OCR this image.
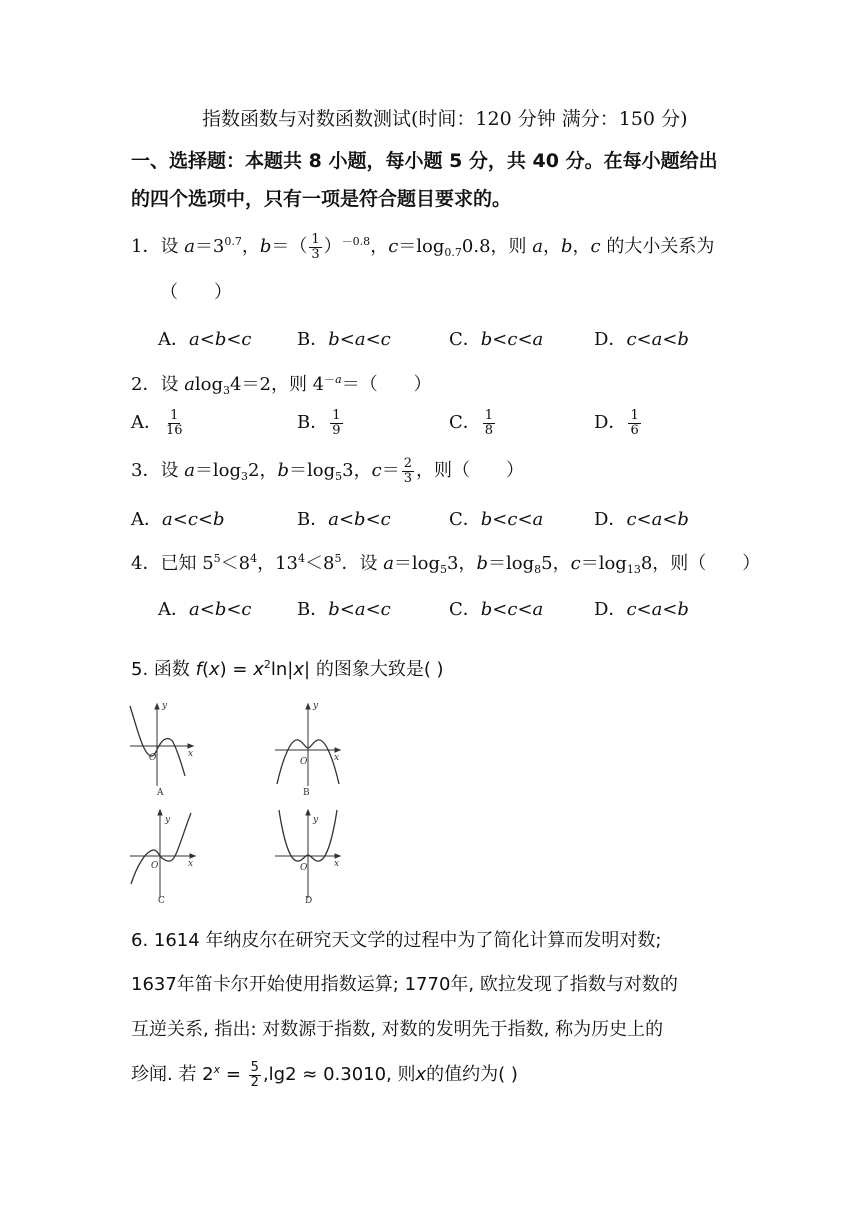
指数函数与对数函数测试(时间：120 分钟 满分：150 分)
一、选择题：本题共 8 小题，每小题 5 分，共 40 分。在每小题给出
的四个选项中，只有一项是符合题目要求的。
1．设 $a=3^{0.7}$，$b=( \frac{1}{3} )^{-0.8}$，$c=\log_{0.7}0.8$，则 a，b，c 的大小关系为
（　　）
A．a<b<c	B．b<a<c	C．b<c<a	D．c<a<b
2．设 alog$_3$4＝2，则 $4^{-a}=$（　　）
A． $\frac{1}{16}$	B． $\frac{1}{9}$	C． $\frac{1}{8}$	D． $\frac{1}{6}$
3．设 $a=\log_32$，$b=\log_53$，$c= \frac{2}{3}$ ，则（　　）
A．a<c<b	B．a<b<c	C．b<c<a	D．c<a<b
4．已知 $5^5<8^4$，$13^4<8^5$．设 $a=\log_53$，$b=\log_85$，$c=\log_{13}8$，则（　　）
A．a<b<c	B．b<a<c	C．b<c<a	D．c<a<b
5. 函数 $f(x) = x^2\ln|x|$ 的图象大致是( )
y
x
O
A
y
x
O
B
y
x
O
C
y
x
O
D
6. 1614 年纳皮尔在研究天文学的过程中为了简化计算而发明对数;
1637年笛卡尔开始使用指数运算; 1770年, 欧拉发现了指数与对数的
互逆关系, 指出: 对数源于指数, 对数的发明先于指数, 称为历史上的
珍闻. 若 $2^x = \frac{5}{2} ,\lg 2 \approx 0.3010$, 则x的值约为( )
